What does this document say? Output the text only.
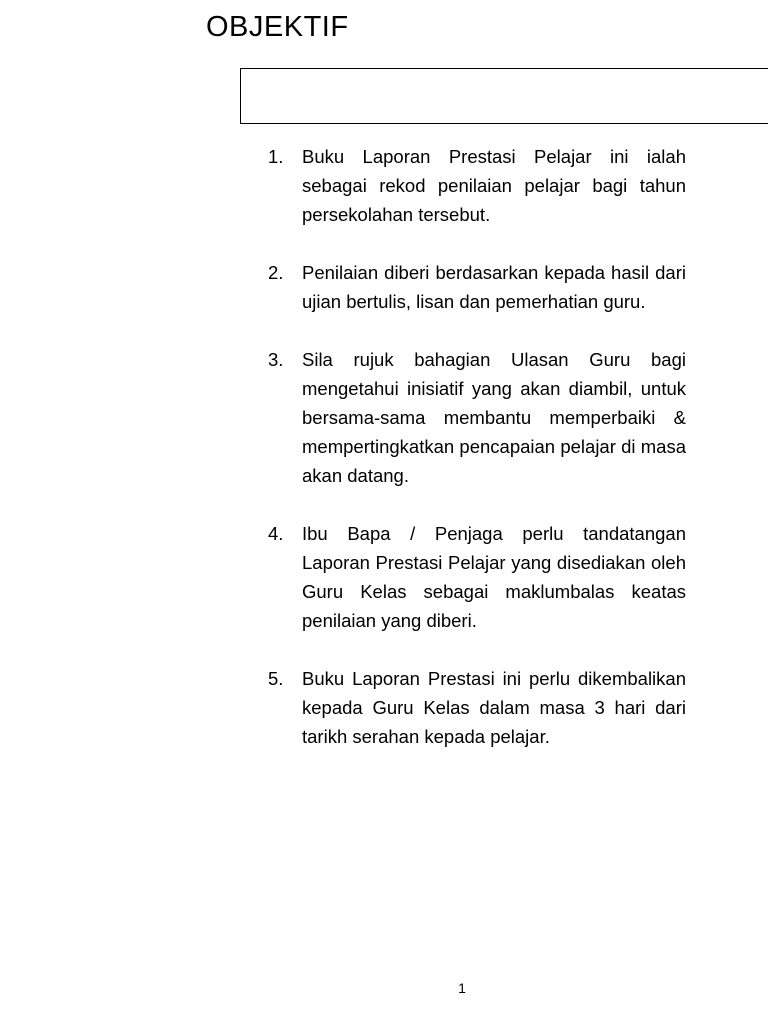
OBJEKTIF
1.	Buku Laporan Prestasi Pelajar ini ialah sebagai rekod penilaian pelajar bagi tahun persekolahan tersebut.
2.	Penilaian diberi berdasarkan kepada hasil dari ujian bertulis, lisan dan pemerhatian guru.
3.	Sila rujuk bahagian Ulasan Guru bagi mengetahui inisiatif yang akan diambil, untuk bersama-sama membantu memperbaiki & mempertingkatkan pencapaian pelajar di masa akan datang.
4.	Ibu Bapa / Penjaga perlu tandatangan Laporan Prestasi Pelajar yang disediakan oleh Guru Kelas sebagai maklumbalas keatas penilaian yang diberi.
5.	Buku Laporan Prestasi ini perlu dikembalikan kepada Guru Kelas dalam masa 3 hari dari tarikh serahan kepada pelajar.
1
